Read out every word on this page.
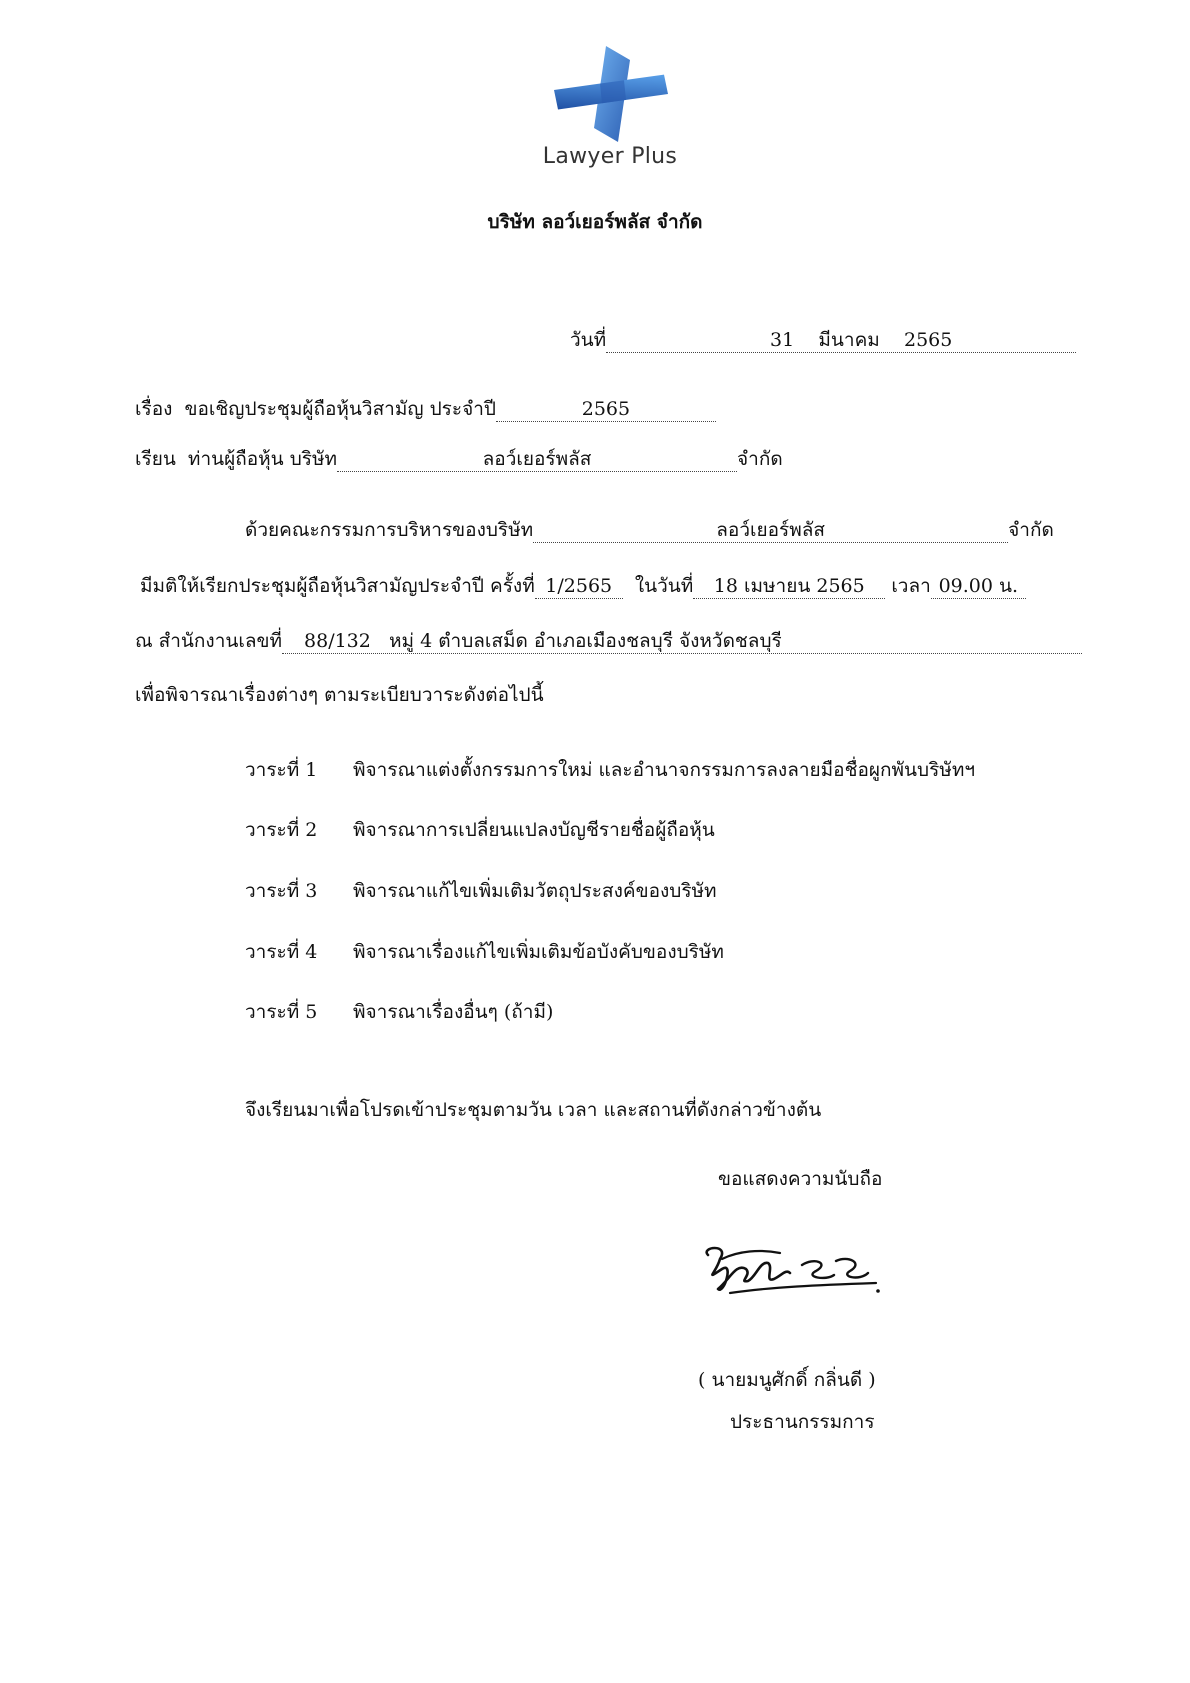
Lawyer Plus
บริษัท ลอว์เยอร์พลัส จำกัด
วันที่	31 มีนาคม 2565
เรื่อง ขอเชิญประชุมผู้ถือหุ้นวิสามัญ ประจำปี	2565
เรียน ท่านผู้ถือหุ้น บริษัท	ลอว์เยอร์พลัส	จำกัด
ด้วยคณะกรรมการบริหารของบริษัท	ลอว์เยอร์พลัส	จำกัด
มีมติให้เรียกประชุมผู้ถือหุ้นวิสามัญประจำปี ครั้งที่ 1/2565 ในวันที่ 18 เมษายน 2565 เวลา 09.00 น.
ณ สำนักงานเลขที่ 88/132 หมู่ 4 ตำบลเสม็ด อำเภอเมืองชลบุรี จังหวัดชลบุรี
เพื่อพิจารณาเรื่องต่างๆ ตามระเบียบวาระดังต่อไปนี้
วาระที่ 1 พิจารณาแต่งตั้งกรรมการใหม่ และอำนาจกรรมการลงลายมือชื่อผูกพันบริษัทฯ
วาระที่ 2 พิจารณาการเปลี่ยนแปลงบัญชีรายชื่อผู้ถือหุ้น
วาระที่ 3 พิจารณาแก้ไขเพิ่มเติมวัตถุประสงค์ของบริษัท
วาระที่ 4 พิจารณาเรื่องแก้ไขเพิ่มเติมข้อบังคับของบริษัท
วาระที่ 5 พิจารณาเรื่องอื่นๆ (ถ้ามี)
จึงเรียนมาเพื่อโปรดเข้าประชุมตามวัน เวลา และสถานที่ดังกล่าวข้างต้น
ขอแสดงความนับถือ
( นายมนูศักดิ์ กลิ่นดี )
ประธานกรรมการ
